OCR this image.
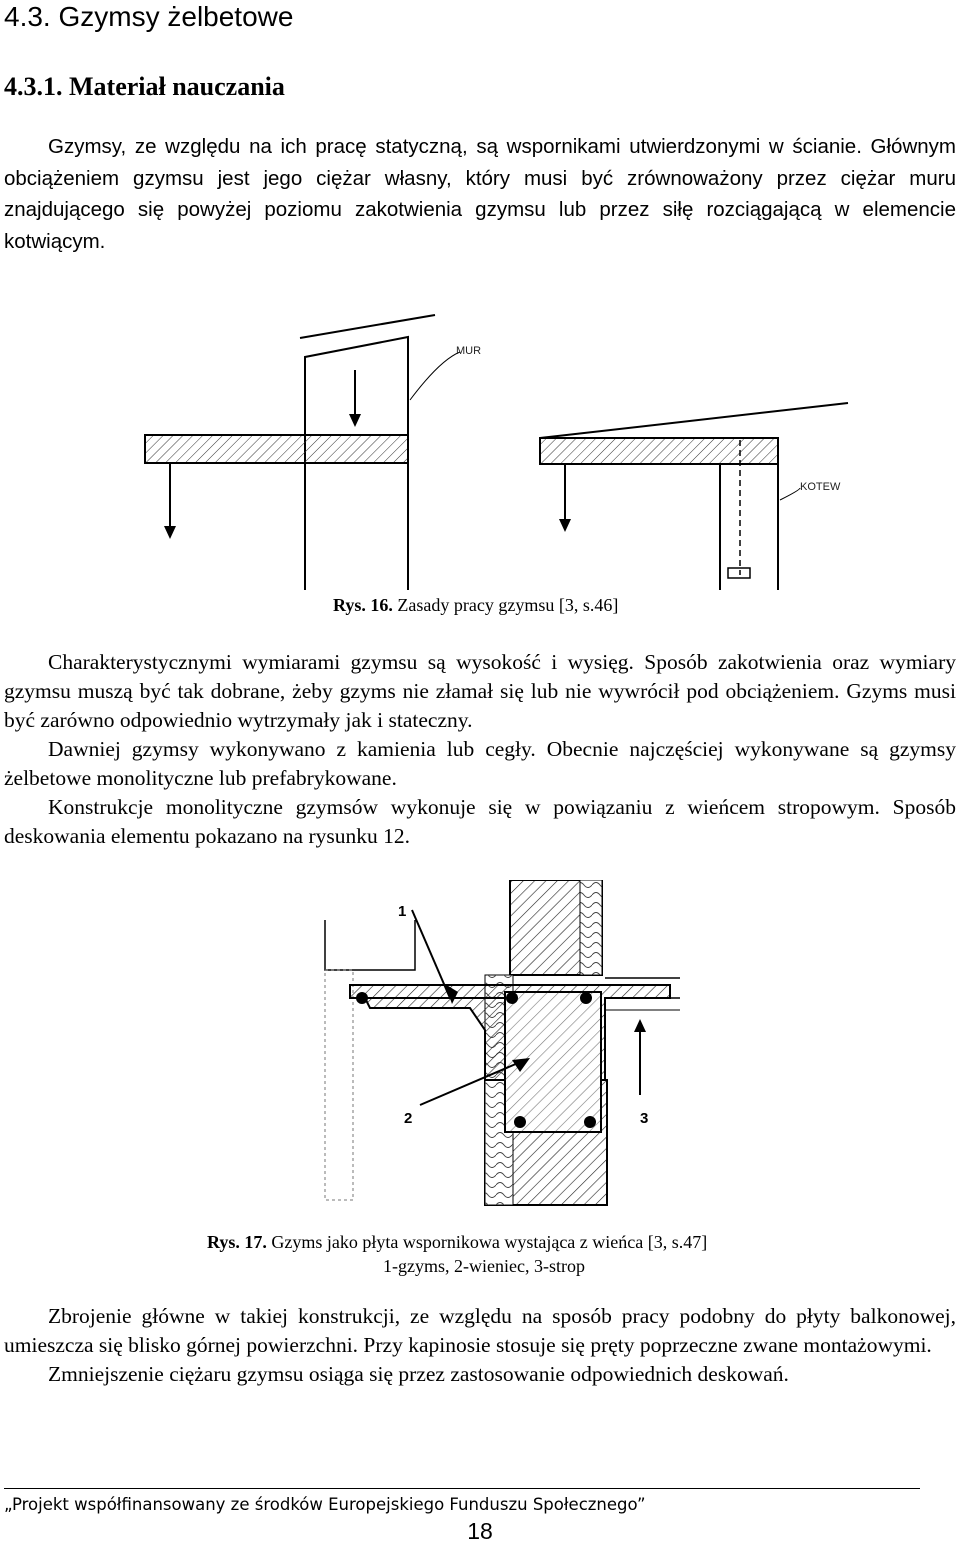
4.3. Gzymsy żelbetowe
4.3.1. Materiał nauczania
Gzymsy, ze względu na ich pracę statyczną, są wspornikami utwierdzonymi w ścianie. Głównym obciążeniem gzymsu jest jego ciężar własny, który musi być zrównoważony przez ciężar muru znajdującego się powyżej poziomu zakotwienia gzymsu lub przez siłę rozciągającą w elemencie kotwiącym.
MUR
KOTEW
Rys. 16. Zasady pracy gzymsu [3, s.46]
Charakterystycznymi wymiarami gzymsu są wysokość i wysięg. Sposób zakotwienia oraz wymiary gzymsu muszą być tak dobrane, żeby gzyms nie złamał się lub nie wywrócił pod obciążeniem. Gzyms musi być zarówno odpowiednio wytrzymały jak i stateczny.
Dawniej gzymsy wykonywano z kamienia lub cegły. Obecnie najczęściej wykonywane są gzymsy żelbetowe monolityczne lub prefabrykowane.
Konstrukcje monolityczne gzymsów wykonuje się w powiązaniu z wieńcem stropowym. Sposób deskowania elementu pokazano na rysunku 12.
1
2	3
Rys. 17. Gzyms jako płyta wspornikowa wystająca z wieńca [3, s.47]
1-gzyms, 2-wieniec, 3-strop
Zbrojenie główne w takiej konstrukcji, ze względu na sposób pracy podobny do płyty balkonowej, umieszcza się blisko górnej powierzchni. Przy kapinosie stosuje się pręty poprzeczne zwane montażowymi.
Zmniejszenie ciężaru gzymsu osiąga się przez zastosowanie odpowiednich deskowań.
„Projekt współfinansowany ze środków Europejskiego Funduszu Społecznego”
18
